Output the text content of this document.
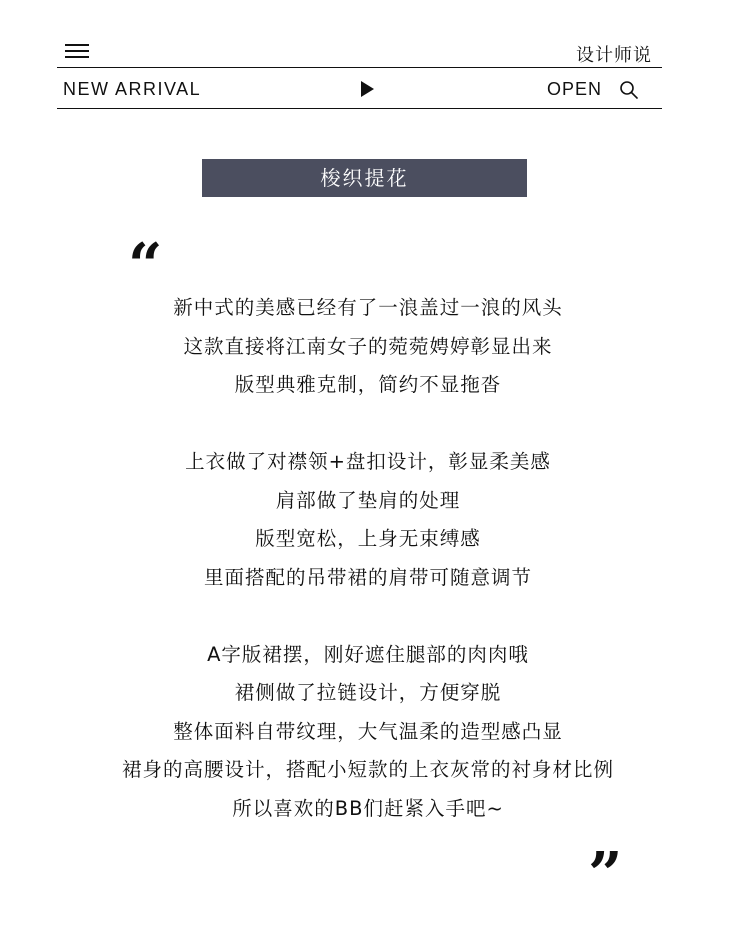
设计师说
NEW ARRIVAL	OPEN
梭织提花
“
新中式的美感已经有了一浪盖过一浪的风头
这款直接将江南女子的菀菀娉婷彰显出来
版型典雅克制，简约不显拖沓
上衣做了对襟领+盘扣设计，彰显柔美感
肩部做了垫肩的处理
版型宽松，上身无束缚感
里面搭配的吊带裙的肩带可随意调节
A字版裙摆，刚好遮住腿部的肉肉哦
裙侧做了拉链设计，方便穿脱
整体面料自带纹理，大气温柔的造型感凸显
裙身的高腰设计，搭配小短款的上衣灰常的衬身材比例
所以喜欢的BB们赶紧入手吧~
”
